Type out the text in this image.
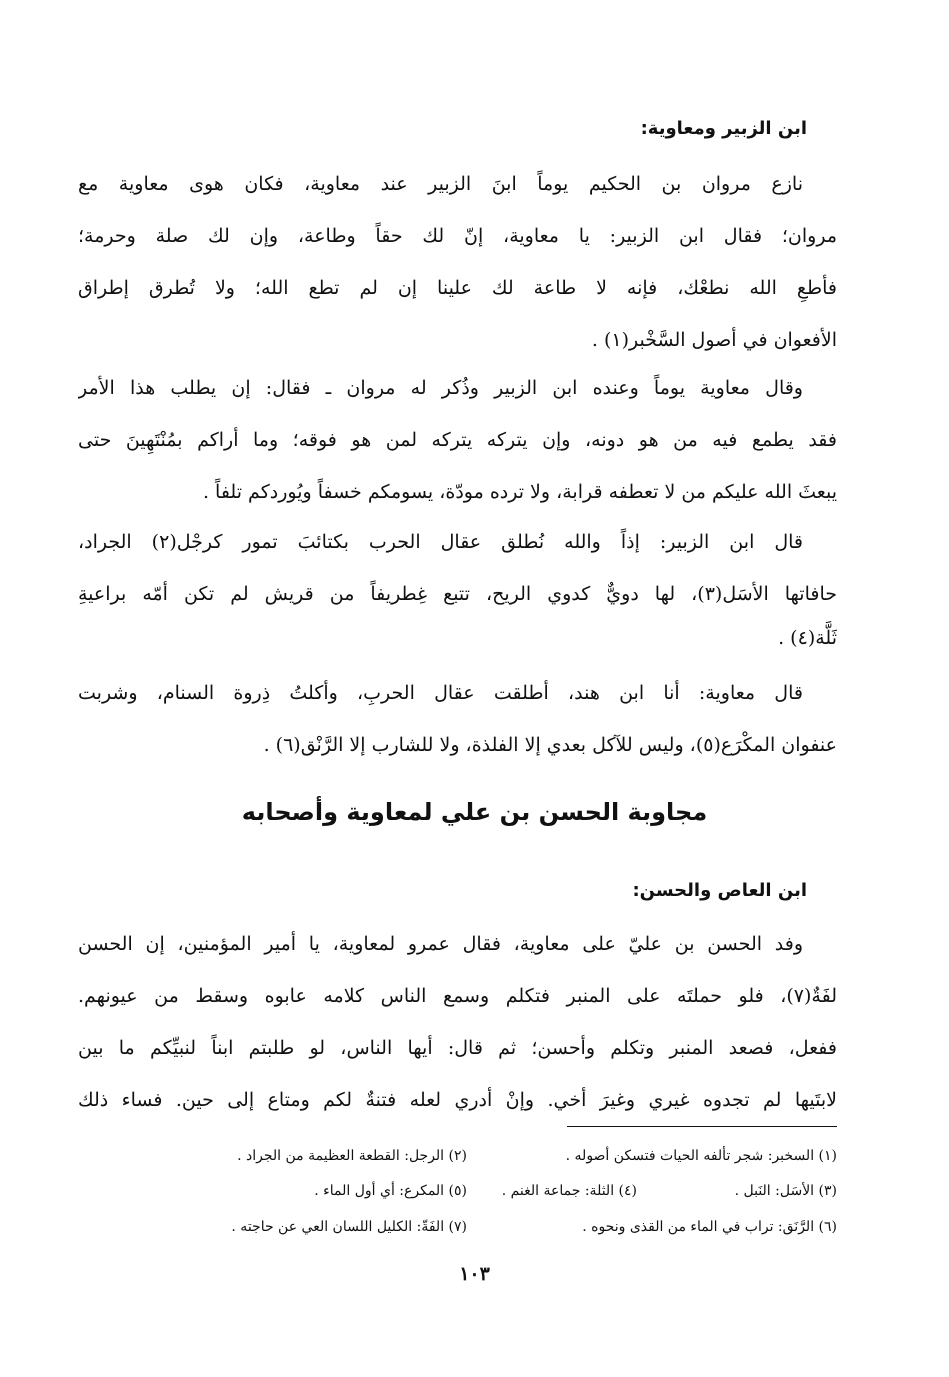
ابن الزبير ومعاوية:
نازع مروان بن الحكيم يوماً ابنَ الزبير عند معاوية، فكان هوى معاوية مع
مروان؛ فقال ابن الزبير: يا معاوية، إنّ لك حقاً وطاعة، وإن لك صلة وحرمة؛
فأطعِ الله نطعْك، فإنه لا طاعة لك علينا إن لم تطع الله؛ ولا تُطرق إطراق
الأفعوان في أصول السَّخْبر(١) .
وقال معاوية يوماً وعنده ابن الزبير وذُكر له مروان ـ فقال: إن يطلب هذا الأمر
فقد يطمع فيه من هو دونه، وإن يتركه يتركه لمن هو فوقه؛ وما أراكم بمُنْتَهِينَ حتى
يبعثَ الله عليكم من لا تعطفه قرابة، ولا ترده مودّة، يسومكم خسفاً ويُوردكم تلفاً .
قال ابن الزبير: إذاً والله نُطلق عقال الحرب بكتائبَ تمور كرجْل(٢) الجراد،
حافاتها الأسَل(٣)، لها دويٌّ كدوي الريح، تتبع غِطريفاً من قريش لم تكن أمّه براعيةِ
ثَلَّة(٤) .
قال معاوية: أنا ابن هند، أطلقت عقال الحربِ، وأكلتُ ذِروة السنام، وشربت
عنفوان المكْرَع(٥)، وليس للآكل بعدي إلا الفلذة، ولا للشارب إلا الرَّنْق(٦) .
مجاوبة الحسن بن علي لمعاوية وأصحابه
ابن العاص والحسن:
وفد الحسن بن عليّ على معاوية، فقال عمرو لمعاوية، يا أمير المؤمنين، إن الحسن
لفَةٌ(٧)، فلو حملتَه على المنبر فتكلم وسمع الناس كلامه عابوه وسقط من عيونهم.
ففعل، فصعد المنبر وتكلم وأحسن؛ ثم قال: أيها الناس، لو طلبتم ابناً لنبيِّكم ما بين
لابتَيها لم تجدوه غيري وغيرَ أخي. وإنْ أدري لعله فتنةٌ لكم ومتاع إلى حين. فساء ذلك
(١) السخبر: شجر تألفه الحيات فتسكن أصوله .
(٢) الرجل: القطعة العظيمة من الجراد .
(٣) الأسَل: النَبل .
(٤) الثلة: جماعة الغنم .
(٥) المكرع: أي أول الماء .
(٦) الرَّنَق: تراب في الماء من القذى ونحوه .
(٧) الفَةّ: الكليل اللسان العي عن حاجته .
١٠٣
